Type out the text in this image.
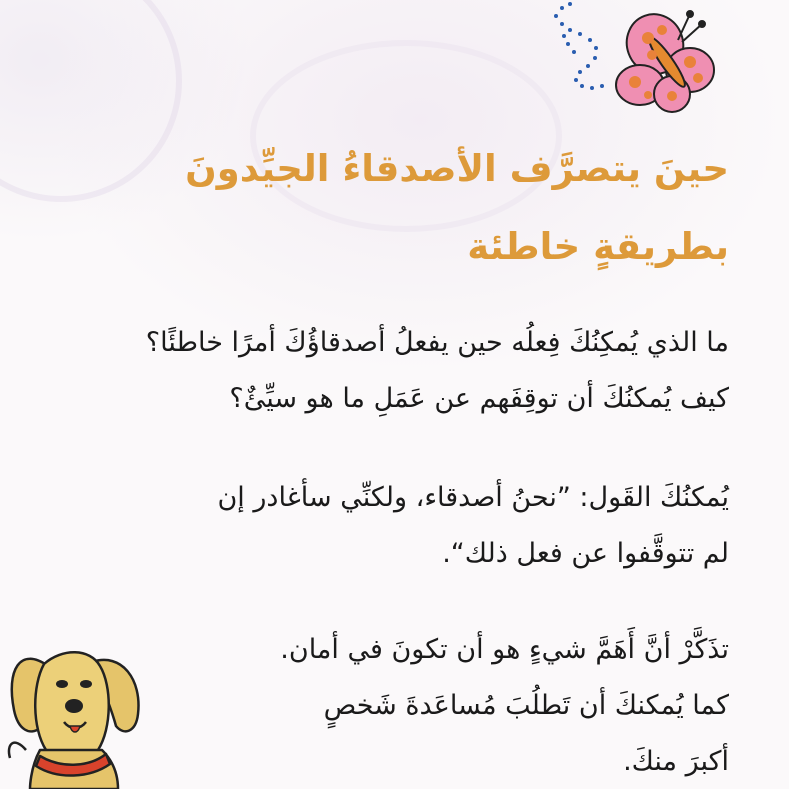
حينَ يتصرَّف الأصدقاءُ الجيِّدونَ
بطريقةٍ خاطئة

ما الذي يُمكِنُكَ فِعلُه حين يفعلُ أصدقاؤُكَ أمرًا خاطئًا؟
كيف يُمكنُكَ أن توقِفَهم عن عَمَلِ ما هو سيِّئٌ؟

يُمكنُكَ القَول: ”نحنُ أصدقاء، ولكنِّي سأغادر إن
لم تتوقَّفوا عن فعل ذلك“.

تذَكَّرْ أنَّ أَهَمَّ شيءٍ هو أن تكونَ في أمان.
كما يُمكنكَ أن تَطلُبَ مُساعَدةَ شَخصٍ
أكبرَ منكَ.
